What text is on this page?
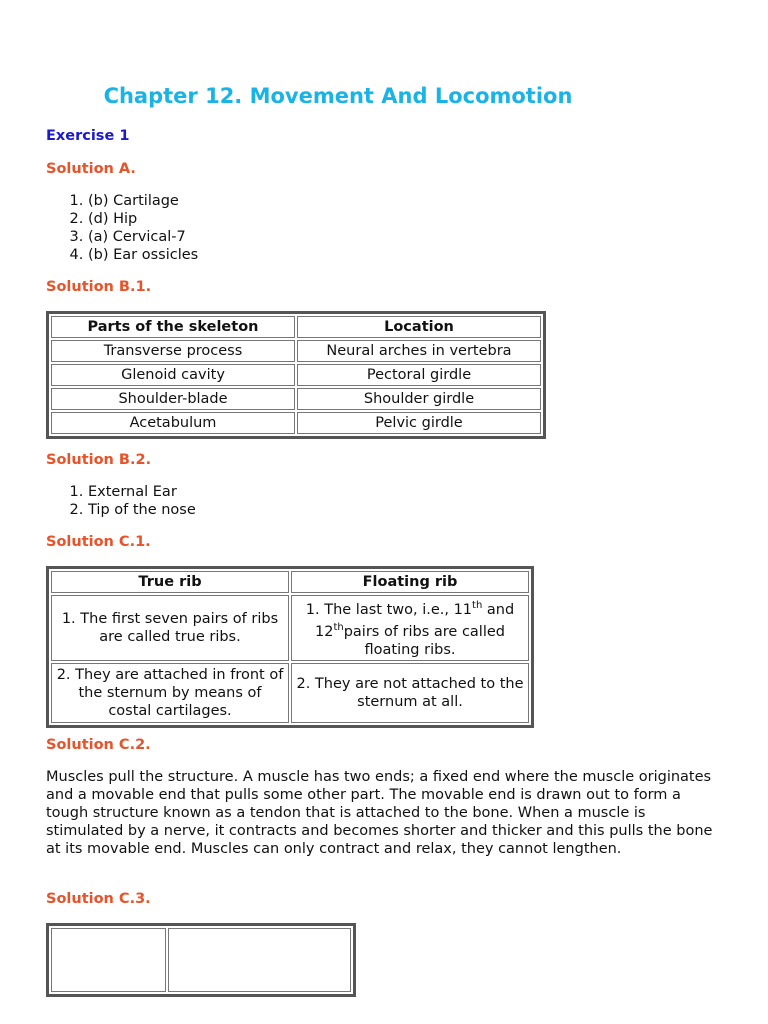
Chapter 12. Movement And Locomotion

Exercise 1

Solution A.

1. (b) Cartilage
2. (d) Hip
3. (a) Cervical-7
4. (b) Ear ossicles

Solution B.1.

Parts of the skeleton	Location
Transverse process	Neural arches in vertebra
Glenoid cavity	Pectoral girdle
Shoulder-blade	Shoulder girdle
Acetabulum	Pelvic girdle

Solution B.2.

1. External Ear
2. Tip of the nose

Solution C.1.

True rib	Floating rib
1. The first seven pairs of ribs are called true ribs.	1. The last two, i.e., 11th and 12thpairs of ribs are called floating ribs.
2. They are attached in front of the sternum by means of costal cartilages.	2. They are not attached to the sternum at all.

Solution C.2.

Muscles pull the structure. A muscle has two ends; a fixed end where the muscle originates and a movable end that pulls some other part. The movable end is drawn out to form a tough structure known as a tendon that is attached to the bone. When a muscle is stimulated by a nerve, it contracts and becomes shorter and thicker and this pulls the bone at its movable end. Muscles can only contract and relax, they cannot lengthen.

Solution C.3.
